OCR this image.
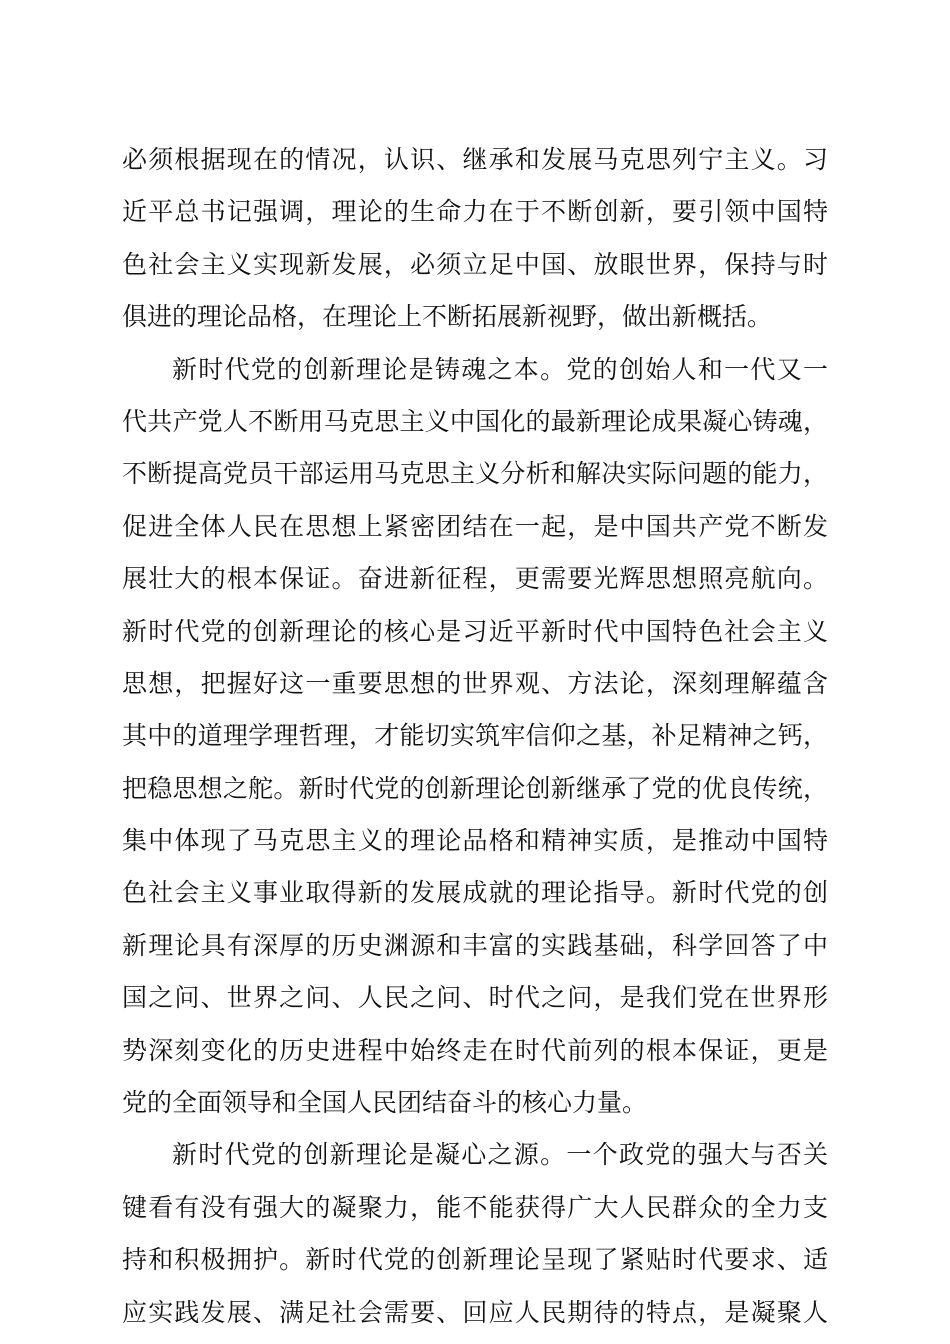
必须根据现在的情况，认识、继承和发展马克思列宁主义。习
近平总书记强调，理论的生命力在于不断创新，要引领中国特
色社会主义实现新发展，必须立足中国、放眼世界，保持与时
俱进的理论品格，在理论上不断拓展新视野，做出新概括。
新时代党的创新理论是铸魂之本。党的创始人和一代又一
代共产党人不断用马克思主义中国化的最新理论成果凝心铸魂，
不断提高党员干部运用马克思主义分析和解决实际问题的能力，
促进全体人民在思想上紧密团结在一起，是中国共产党不断发
展壮大的根本保证。奋进新征程，更需要光辉思想照亮航向。
新时代党的创新理论的核心是习近平新时代中国特色社会主义
思想，把握好这一重要思想的世界观、方法论，深刻理解蕴含
其中的道理学理哲理，才能切实筑牢信仰之基，补足精神之钙，
把稳思想之舵。新时代党的创新理论创新继承了党的优良传统，
集中体现了马克思主义的理论品格和精神实质，是推动中国特
色社会主义事业取得新的发展成就的理论指导。新时代党的创
新理论具有深厚的历史渊源和丰富的实践基础，科学回答了中
国之问、世界之问、人民之问、时代之问，是我们党在世界形
势深刻变化的历史进程中始终走在时代前列的根本保证，更是
党的全面领导和全国人民团结奋斗的核心力量。
新时代党的创新理论是凝心之源。一个政党的强大与否关
键看有没有强大的凝聚力，能不能获得广大人民群众的全力支
持和积极拥护。新时代党的创新理论呈现了紧贴时代要求、适
应实践发展、满足社会需要、回应人民期待的特点，是凝聚人
